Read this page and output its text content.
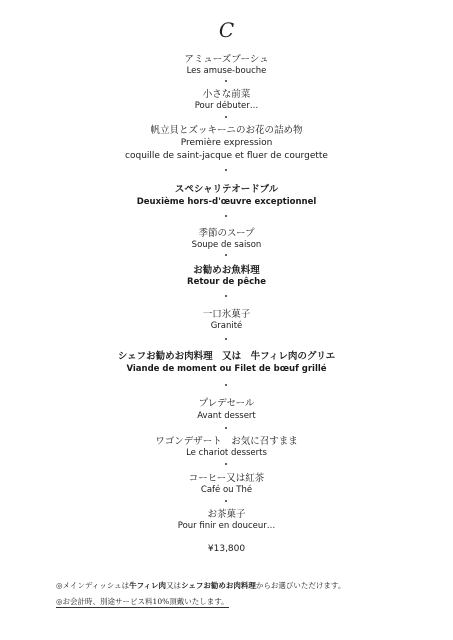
C
アミューズブーシュ
Les amuse-bouche
小さな前菜
Pour débuter…
帆立貝とズッキーニのお花の詰め物
Première expression
coquille de saint-jacque et fluer de courgette
スペシャリテオードブル
Deuxième hors-d'œuvre exceptionnel
季節のスープ
Soupe de saison
お勧めお魚料理
Retour de pêche
一口氷菓子
Granité
シェフお勧めお肉料理　又は　牛フィレ肉のグリエ
Viande de moment ou Filet de bœuf grillé
プレデセール
Avant dessert
ワゴンデザート　お気に召すまま
Le chariot desserts
コーヒー又は紅茶
Café ou Thé
お茶菓子
Pour finir en douceur…
¥13,800
◎メインディッシュは牛フィレ肉又はシェフお勧めお肉料理からお選びいただけます。
◎お会計時、別途サービス料10%頂戴いたします。
